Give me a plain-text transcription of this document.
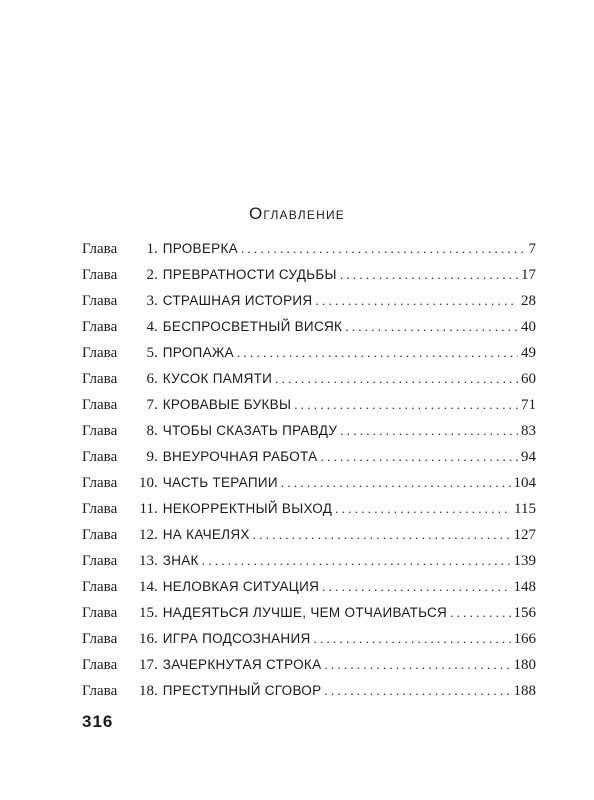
Оглавление
Глава	1 . ПРОВЕРКА . . .	7
Глава	2 . ПРЕВРАТНОСТИ СУДЬБЫ . . .	17
Глава	3 . СТРАШНАЯ ИСТОРИЯ . . .	28
Глава	4 . БЕСПРОСВЕТНЫЙ ВИСЯК . . .	40
Глава	5 . ПРОПАЖА . . .	49
Глава	6 . КУСОК ПАМЯТИ . . .	60
Глава	7 . КРОВАВЫЕ БУКВЫ . . .	71
Глава	8 . ЧТОБЫ СКАЗАТЬ ПРАВДУ . . .	83
Глава	9 . ВНЕУРОЧНАЯ РАБОТА . . .	94
Глава	10 . ЧАСТЬ ТЕРАПИИ . . .	104
Глава	11 . НЕКОРРЕКТНЫЙ ВЫХОД . . .	115
Глава	12 . НА КАЧЕЛЯХ . . .	127
Глава	13 . ЗНАК . . .	139
Глава	14 . НЕЛОВКАЯ СИТУАЦИЯ . . .	148
Глава	15 . НАДЕЯТЬСЯ ЛУЧШЕ, ЧЕМ ОТЧАИВАТЬСЯ . . .	156
Глава	16 . ИГРА ПОДСОЗНАНИЯ . . .	166
Глава	17 . ЗАЧЕРКНУТАЯ СТРОКА . . .	180
Глава	18 . ПРЕСТУПНЫЙ СГОВОР . . .	188
316
